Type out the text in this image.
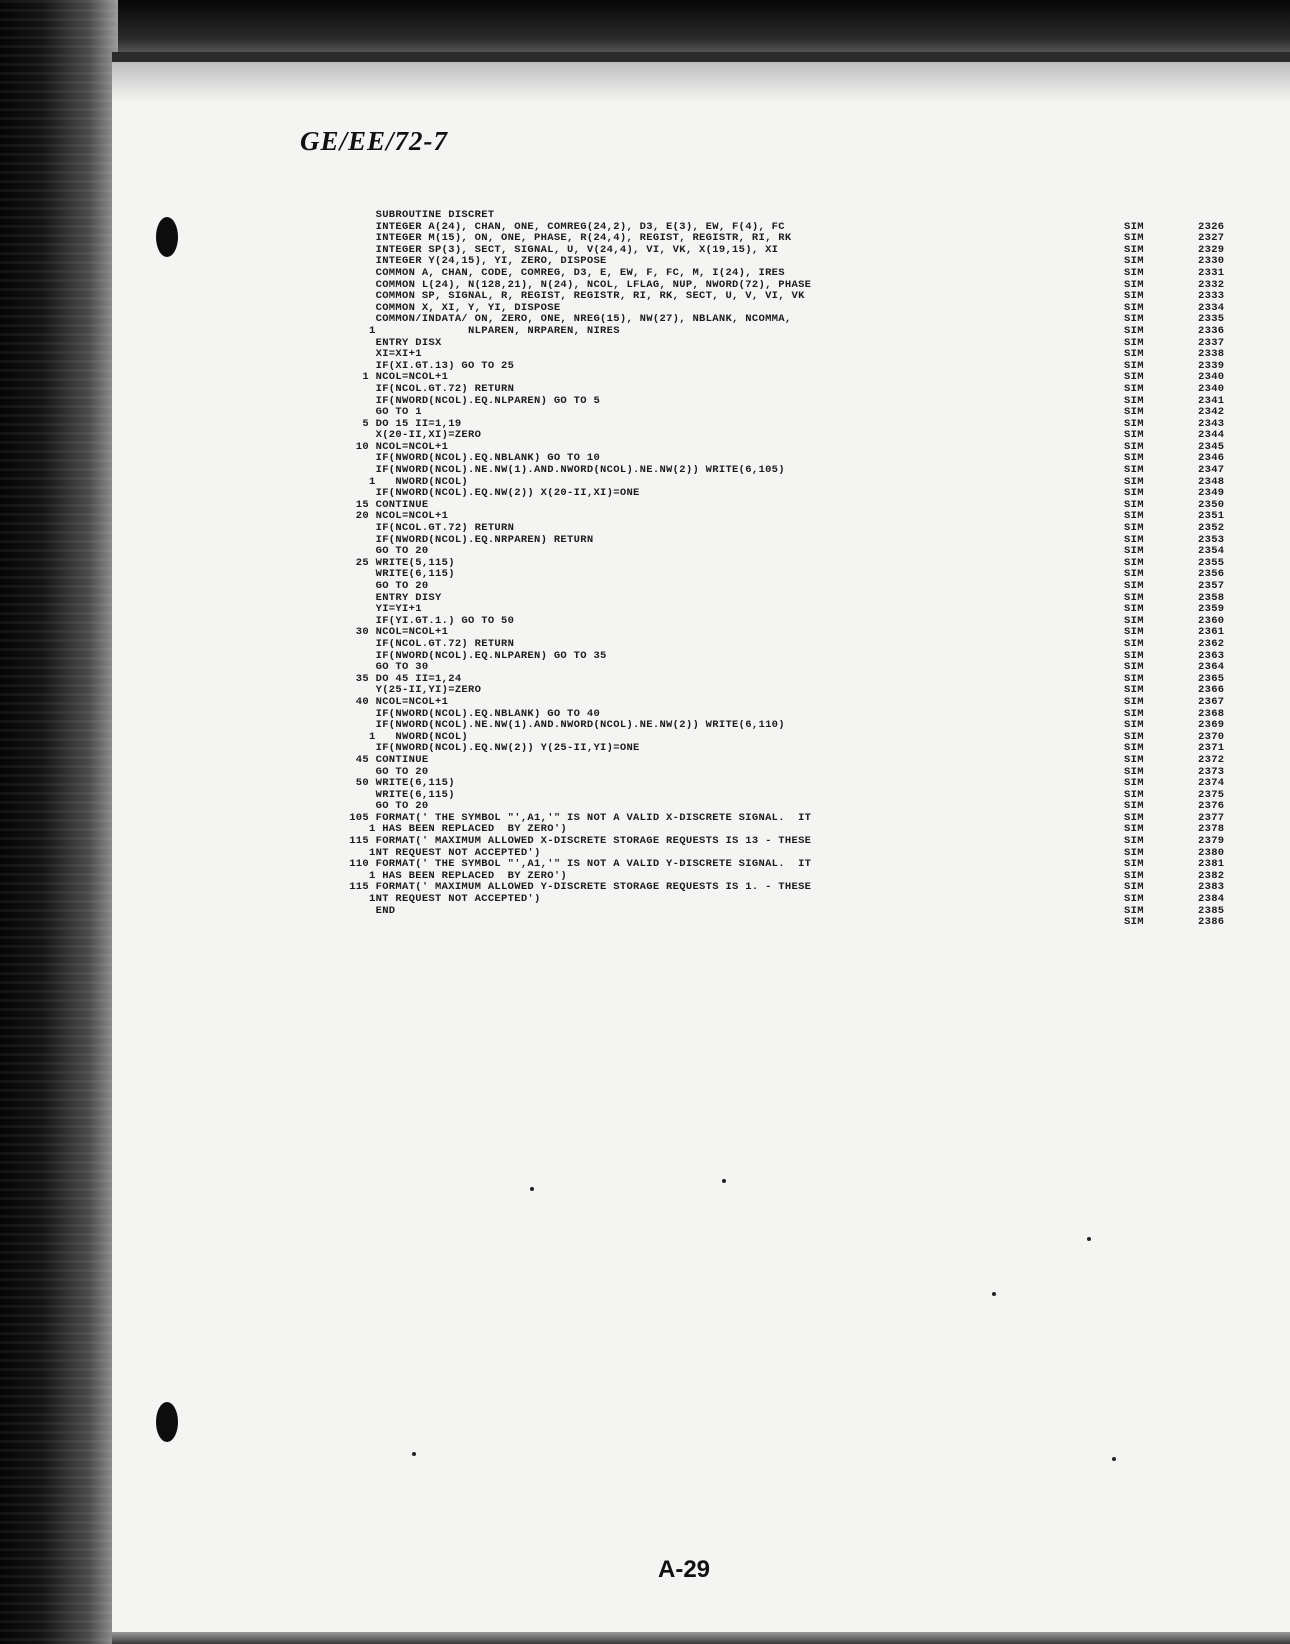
GE/EE/72-7
SUBROUTINE DISCRET
INTEGER A(24), CHAN, ONE, COMREG(24,2), D3, E(3), EW, F(4), FC	SIM	2326
INTEGER M(15), ON, ONE, PHASE, R(24,4), REGIST, REGISTR, RI, RK	SIM	2327
INTEGER SP(3), SECT, SIGNAL, U, V(24,4), VI, VK, X(19,15), XI	SIM	2329
INTEGER Y(24,15), YI, ZERO, DISPOSE	SIM	2330
COMMON A, CHAN, CODE, COMREG, D3, E, EW, F, FC, M, I(24), IRES	SIM	2331
COMMON L(24), N(128,21), N(24), NCOL, LFLAG, NUP, NWORD(72), PHASE	SIM	2332
COMMON SP, SIGNAL, R, REGIST, REGISTR, RI, RK, SECT, U, V, VI, VK	SIM	2333
COMMON X, XI, Y, YI, DISPOSE	SIM	2334
COMMON/INDATA/ ON, ZERO, ONE, NREG(15), NW(27), NBLANK, NCOMMA,	SIM	2335
1              NLPAREN, NRPAREN, NIRES	SIM	2336
ENTRY DISX	SIM	2337
XI=XI+1	SIM	2338
IF(XI.GT.13) GO TO 25	SIM	2339
1 NCOL=NCOL+1	SIM	2340
IF(NCOL.GT.72) RETURN	SIM	2340
IF(NWORD(NCOL).EQ.NLPAREN) GO TO 5	SIM	2341
GO TO 1	SIM	2342
5 DO 15 II=1,19	SIM	2343
X(20-II,XI)=ZERO	SIM	2344
10 NCOL=NCOL+1	SIM	2345
IF(NWORD(NCOL).EQ.NBLANK) GO TO 10	SIM	2346
IF(NWORD(NCOL).NE.NW(1).AND.NWORD(NCOL).NE.NW(2)) WRITE(6,105)	SIM	2347
1   NWORD(NCOL)	SIM	2348
IF(NWORD(NCOL).EQ.NW(2)) X(20-II,XI)=ONE	SIM	2349
15 CONTINUE	SIM	2350
20 NCOL=NCOL+1	SIM	2351
IF(NCOL.GT.72) RETURN	SIM	2352
IF(NWORD(NCOL).EQ.NRPAREN) RETURN	SIM	2353
GO TO 20	SIM	2354
25 WRITE(5,115)	SIM	2355
WRITE(6,115)	SIM	2356
GO TO 20	SIM	2357
ENTRY DISY	SIM	2358
YI=YI+1	SIM	2359
IF(YI.GT.1.) GO TO 50	SIM	2360
30 NCOL=NCOL+1	SIM	2361
IF(NCOL.GT.72) RETURN	SIM	2362
IF(NWORD(NCOL).EQ.NLPAREN) GO TO 35	SIM	2363
GO TO 30	SIM	2364
35 DO 45 II=1,24	SIM	2365
Y(25-II,YI)=ZERO	SIM	2366
40 NCOL=NCOL+1	SIM	2367
IF(NWORD(NCOL).EQ.NBLANK) GO TO 40	SIM	2368
IF(NWORD(NCOL).NE.NW(1).AND.NWORD(NCOL).NE.NW(2)) WRITE(6,110)	SIM	2369
1   NWORD(NCOL)	SIM	2370
IF(NWORD(NCOL).EQ.NW(2)) Y(25-II,YI)=ONE	SIM	2371
45 CONTINUE	SIM	2372
GO TO 20	SIM	2373
50 WRITE(6,115)	SIM	2374
WRITE(6,115)	SIM	2375
GO TO 20	SIM	2376
105 FORMAT(' THE SYMBOL "',A1,'" IS NOT A VALID X-DISCRETE SIGNAL.  IT	SIM	2377
1 HAS BEEN REPLACED  BY ZERO')	SIM	2378
115 FORMAT(' MAXIMUM ALLOWED X-DISCRETE STORAGE REQUESTS IS 13 - THESE	SIM	2379
1NT REQUEST NOT ACCEPTED')	SIM	2380
110 FORMAT(' THE SYMBOL "',A1,'" IS NOT A VALID Y-DISCRETE SIGNAL.  IT	SIM	2381
1 HAS BEEN REPLACED  BY ZERO')	SIM	2382
115 FORMAT(' MAXIMUM ALLOWED Y-DISCRETE STORAGE REQUESTS IS 1. - THESE	SIM	2383
1NT REQUEST NOT ACCEPTED')	SIM	2384
END	SIM	2385
SIM	2386
A-29
